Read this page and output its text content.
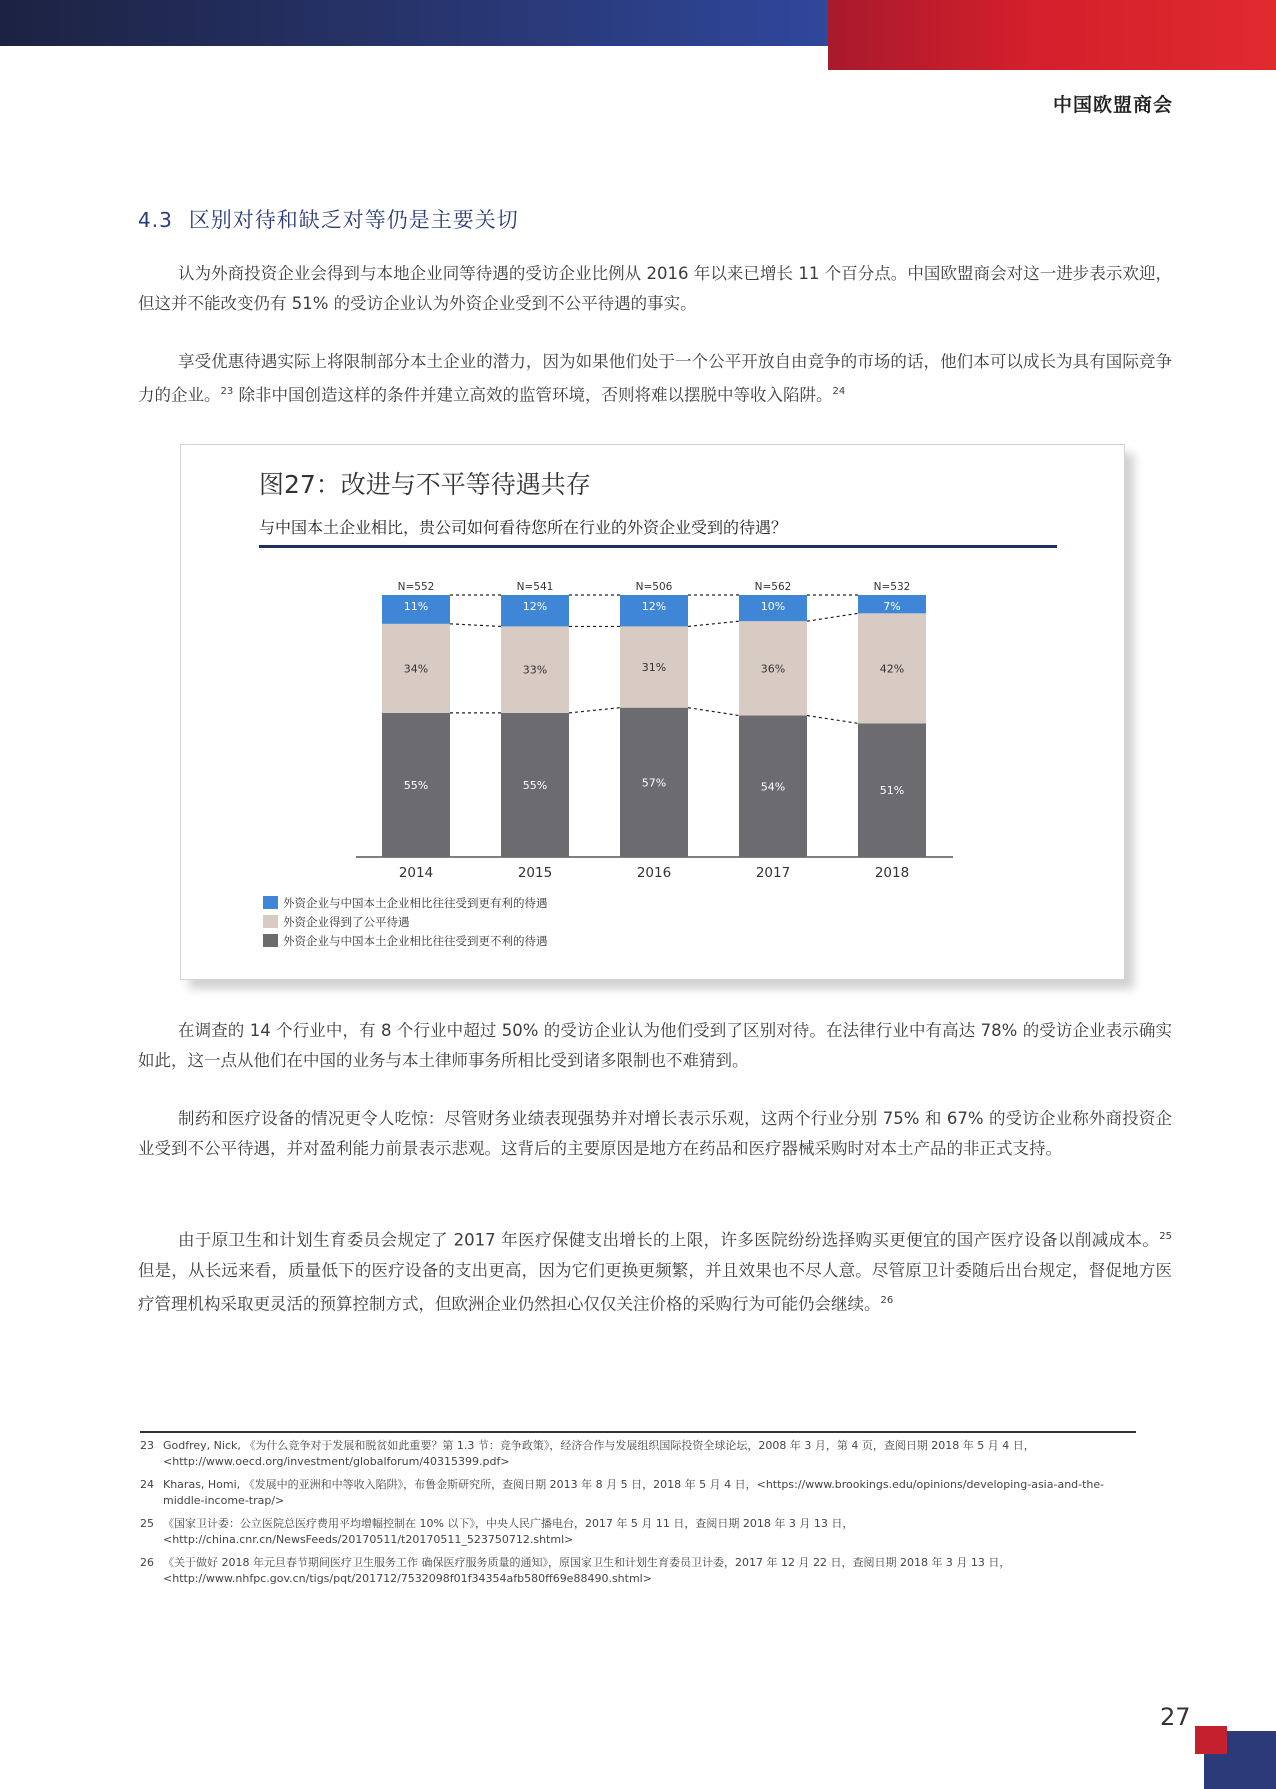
中国欧盟商会
4.3 区别对待和缺乏对等仍是主要关切

认为外商投资企业会得到与本地企业同等待遇的受访企业比例从 2016 年以来已增长 11 个百分点。中国欧盟商会对这一进步表示欢迎，但这并不能改变仍有 51% 的受访企业认为外资企业受到不公平待遇的事实。

享受优惠待遇实际上将限制部分本土企业的潜力，因为如果他们处于一个公平开放自由竞争的市场的话，他们本可以成长为具有国际竞争力的企业。$^{23}$ 除非中国创造这样的条件并建立高效的监管环境，否则将难以摆脱中等收入陷阱。$^{24}$

图27：改进与不平等待遇共存
与中国本土企业相比，贵公司如何看待您所在行业的外资企业受到的待遇？
55%
34%
11%
N=552
2014
55%
33%
12%
N=541
2015
57%
31%
12%
N=506
2016
54%
36%
10%
N=562
2017
51%
42%
7%
N=532
2018
外资企业与中国本土企业相比往往受到更有利的待遇
外资企业得到了公平待遇
外资企业与中国本土企业相比往往受到更不利的待遇

在调查的 14 个行业中，有 8 个行业中超过 50% 的受访企业认为他们受到了区别对待。在法律行业中有高达 78% 的受访企业表示确实如此，这一点从他们在中国的业务与本土律师事务所相比受到诸多限制也不难猜到。

制药和医疗设备的情况更令人吃惊：尽管财务业绩表现强势并对增长表示乐观，这两个行业分别 75% 和 67% 的受访企业称外商投资企业受到不公平待遇，并对盈利能力前景表示悲观。这背后的主要原因是地方在药品和医疗器械采购时对本土产品的非正式支持。

由于原卫生和计划生育委员会规定了 2017 年医疗保健支出增长的上限，许多医院纷纷选择购买更便宜的国产医疗设备以削减成本。$^{25}$ 但是，从长远来看，质量低下的医疗设备的支出更高，因为它们更换更频繁，并且效果也不尽人意。尽管原卫计委随后出台规定，督促地方医疗管理机构采取更灵活的预算控制方式，但欧洲企业仍然担心仅仅关注价格的采购行为可能仍会继续。$^{26}$

23 Godfrey, Nick, 《为什么竞争对于发展和脱贫如此重要？第 1.3 节：竞争政策》，经济合作与发展组织国际投资全球论坛，2008 年 3 月，第 4 页，查阅日期 2018 年 5 月 4 日，<http://www.oecd.org/investment/globalforum/40315399.pdf>
24 Kharas, Homi, 《发展中的亚洲和中等收入陷阱》，布鲁金斯研究所，查阅日期 2013 年 8 月 5 日，2018 年 5 月 4 日，<https://www.brookings.edu/opinions/developing-asia-and-the-middle-income-trap/>
25 《国家卫计委：公立医院总医疗费用平均增幅控制在 10% 以下》，中央人民广播电台，2017 年 5 月 11 日，查阅日期 2018 年 3 月 13 日，<http://china.cnr.cn/NewsFeeds/20170511/t20170511_523750712.shtml>
26 《关于做好 2018 年元旦春节期间医疗卫生服务工作 确保医疗服务质量的通知》，原国家卫生和计划生育委员卫计委，2017 年 12 月 22 日，查阅日期 2018 年 3 月 13 日，<http://www.nhfpc.gov.cn/tigs/pqt/201712/7532098f01f34354afb580ff69e88490.shtml>
27
